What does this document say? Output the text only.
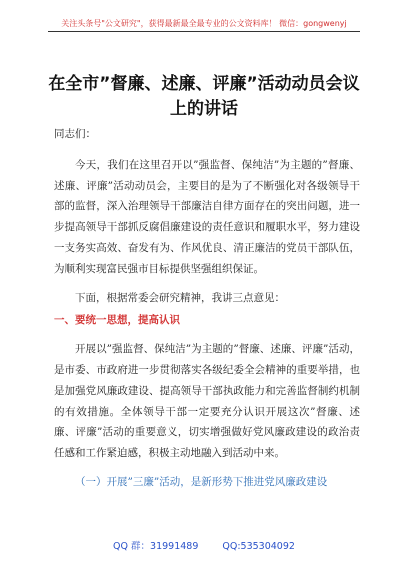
关注头条号"公文研究"，获得最新最全最专业的公文资料库！ 微信：gongwenyj
在全市”督廉、述廉、评廉”活动动员会议上的讲话

同志们：

今天，我们在这里召开以”强监督、保纯洁”为主题的”督廉、述廉、评廉”活动动员会，主要目的是为了不断强化对各级领导干部的监督，深入治理领导干部廉洁自律方面存在的突出问题，进一步提高领导干部抓反腐倡廉建设的责任意识和履职水平，努力建设一支务实高效、奋发有为、作风优良、清正廉洁的党员干部队伍，为顺利实现富民强市目标提供坚强组织保证。

下面，根据常委会研究精神，我讲三点意见：

一、要统一思想，提高认识

开展以”强监督、保纯洁”为主题的”督廉、述廉、评廉”活动，是市委、市政府进一步贯彻落实各级纪委全会精神的重要举措，也是加强党风廉政建设、提高领导干部执政能力和完善监督制约机制的有效措施。全体领导干部一定要充分认识开展这次”督廉、述廉、评廉”活动的重要意义，切实增强做好党风廉政建设的政治责任感和工作紧迫感，积极主动地融入到活动中来。

（一）开展”三廉”活动，是新形势下推进党风廉政建设
QQ 群：31991489	QQ:535304092
